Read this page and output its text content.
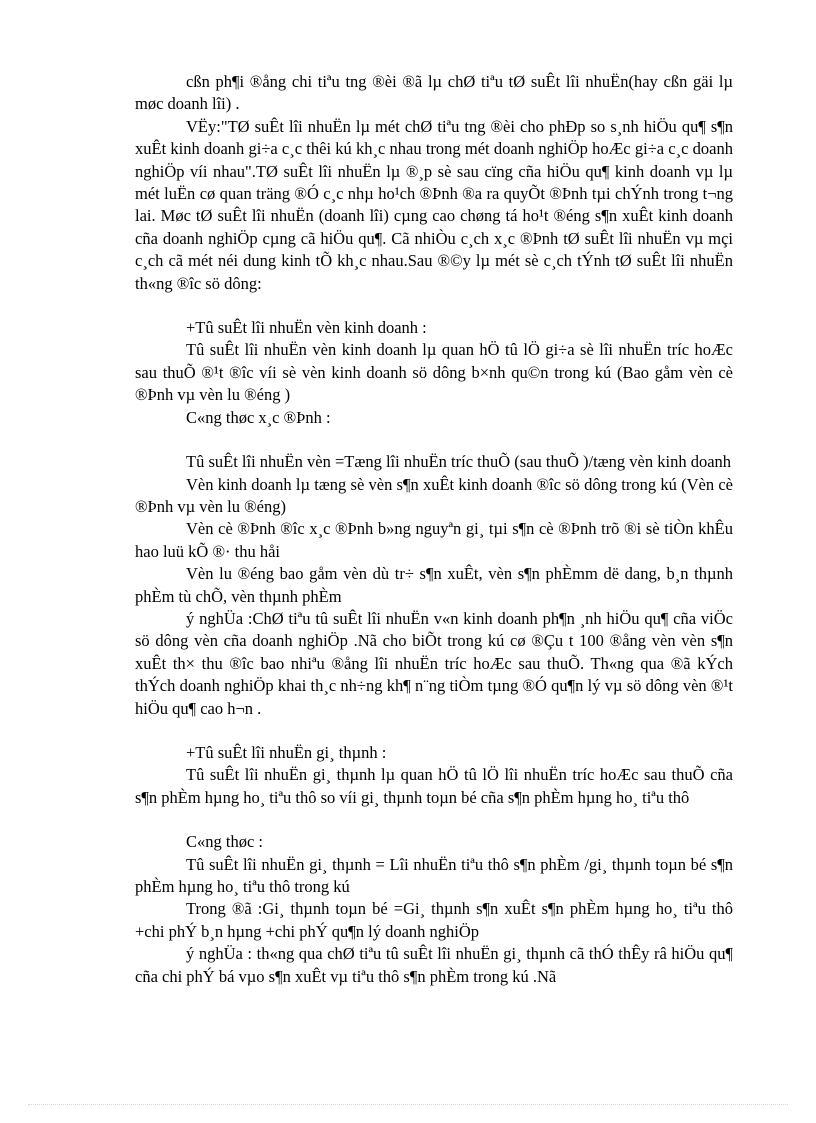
cßn ph¶i ®ång chi tiªu tng ®èi ®ã lµ chØ tiªu tØ suÊt lîi nhuËn(hay cßn gäi lµ møc doanh lîi) .

VËy:"TØ suÊt lîi nhuËn lµ mét chØ tiªu tng ®èi cho phÐp so s¸nh hiÖu qu¶ s¶n xuÊt kinh doanh gi÷a c¸c thêi kú kh¸c nhau trong mét doanh nghiÖp hoÆc gi÷a c¸c doanh nghiÖp víi nhau".TØ suÊt lîi nhuËn lµ ®¸p sè sau cïng cña hiÖu qu¶ kinh doanh vµ lµ mét luËn cø quan träng ®Ó c¸c nhµ ho¹ch ®Þnh ®a ra quyÕt ®Þnh tµi chÝnh trong t¬ng lai. Møc tØ suÊt lîi nhuËn (doanh lîi) cµng cao chøng tá ho¹t ®éng s¶n xuÊt kinh doanh cña doanh nghiÖp cµng cã hiÖu qu¶. Cã nhiÒu c¸ch x¸c ®Þnh tØ suÊt lîi nhuËn vµ mçi c¸ch cã mét néi dung kinh tÕ kh¸c nhau.Sau ®©y lµ mét sè c¸ch tÝnh tØ suÊt lîi nhuËn th«ng ®îc sö dông:

+Tû suÊt lîi nhuËn vèn kinh doanh :

Tû suÊt lîi nhuËn vèn kinh doanh lµ quan hÖ tû lÖ gi÷a sè lîi nhuËn tríc hoÆc sau thuÕ ®¹t ®îc víi sè vèn kinh doanh sö dông b×nh qu©n trong kú (Bao gåm vèn cè ®Þnh vµ vèn lu ®éng )

C«ng thøc x¸c ®Þnh :

Tû suÊt lîi nhuËn vèn =Tæng lîi nhuËn tríc thuÕ (sau thuÕ )/tæng vèn kinh doanh

Vèn kinh doanh lµ tæng sè vèn s¶n xuÊt kinh doanh ®îc sö dông trong kú (Vèn cè ®Þnh vµ vèn lu ®éng)

Vèn cè ®Þnh ®îc x¸c ®Þnh b»ng nguyªn gi¸ tµi s¶n cè ®Þnh trõ ®i sè tiÒn khÊu hao luü kÕ ®· thu håi

Vèn lu ®éng bao gåm vèn dù tr÷ s¶n xuÊt, vèn s¶n phÈmm dë dang, b¸n thµnh phÈm tù chÕ, vèn thµnh phÈm

ý nghÜa :ChØ tiªu tû suÊt lîi nhuËn v«n kinh doanh ph¶n ¸nh hiÖu qu¶ cña viÖc sö dông vèn cña doanh nghiÖp .Nã cho biÕt trong kú cø ®Çu t 100 ®ång vèn vèn s¶n xuÊt th× thu ®îc bao nhiªu ®ång lîi nhuËn tríc hoÆc sau thuÕ. Th«ng qua ®ã kÝch thÝch doanh nghiÖp khai th¸c nh÷ng kh¶ n¨ng tiÒm tµng ®Ó qu¶n lý vµ sö dông vèn ®¹t hiÖu qu¶ cao h¬n .

+Tû suÊt lîi nhuËn gi¸ thµnh :

Tû suÊt lîi nhuËn gi¸ thµnh lµ quan hÖ tû lÖ lîi nhuËn tríc hoÆc sau thuÕ cña s¶n phÈm hµng ho¸ tiªu thô so víi gi¸ thµnh toµn bé cña s¶n phÈm hµng ho¸ tiªu thô

C«ng thøc :

Tû suÊt lîi nhuËn gi¸ thµnh = Lîi nhuËn tiªu thô s¶n phÈm /gi¸ thµnh toµn bé s¶n phÈm hµng ho¸ tiªu thô trong kú

Trong ®ã :Gi¸ thµnh toµn bé =Gi¸ thµnh s¶n xuÊt s¶n phÈm hµng ho¸ tiªu thô +chi phÝ b¸n hµng +chi phÝ qu¶n lý doanh nghiÖp

ý nghÜa : th«ng qua chØ tiªu tû suÊt lîi nhuËn gi¸ thµnh cã thÓ thÊy râ hiÖu qu¶ cña chi phÝ bá vµo s¶n xuÊt vµ tiªu thô s¶n phÈm trong kú .Nã
